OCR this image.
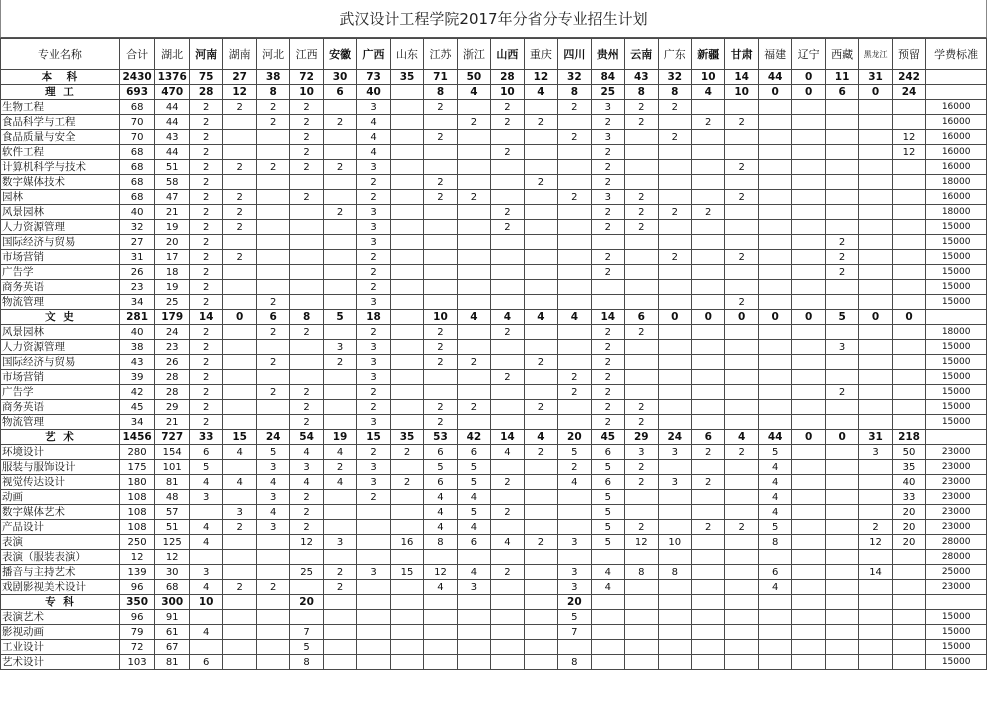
武汉设计工程学院2017年分省分专业招生计划
专业名称	合计	湖北	河南	湖南	河北	江西	安徽	广西	山东	江苏	浙江	山西	重庆	四川	贵州	云南	广东	新疆	甘肃	福建	辽宁	西藏	黑龙江	预留	学费标准
本　科	2430	1376	75	27	38	72	30	73	35	71	50	28	12	32	84	43	32	10	14	44	0	11	31	242	
理 工	693	470	28	12	8	10	6	40		8	4	10	4	8	25	8	8	4	10	0	0	6	0	24	
生物工程	68	44	2	2	2	2		3		2		2		2	3	2	2								16000
食品科学与工程	70	44	2		2	2	2	4			2	2	2		2	2		2	2						16000
食品质量与安全	70	43	2			2		4		2				2	3		2							12	16000
软件工程	68	44	2			2		4				2			2									12	16000
计算机科学与技术	68	51	2	2	2	2	2	3							2				2						16000
数字媒体技术	68	58	2					2		2			2		2										18000
园林	68	47	2	2		2		2		2	2			2	3	2			2						16000
风景园林	40	21	2	2			2	3				2			2	2	2	2							18000
人力资源管理	32	19	2	2				3				2			2	2									15000
国际经济与贸易	27	20	2					3														2			15000
市场营销	31	17	2	2				2							2		2		2			2			15000
广告学	26	18	2					2							2							2			15000
商务英语	23	19	2					2																	15000
物流管理	34	25	2		2			3											2						15000
文 史	281	179	14	0	6	8	5	18		10	4	4	4	4	14	6	0	0	0	0	0	5	0	0	
风景园林	40	24	2		2	2		2		2		2			2	2									18000
人力资源管理	38	23	2				3	3		2					2							3			15000
国际经济与贸易	43	26	2		2		2	3		2	2		2		2										15000
市场营销	39	28	2					3				2		2	2										15000
广告学	42	28	2		2	2		2						2	2							2			15000
商务英语	45	29	2			2		2		2	2		2		2	2									15000
物流管理	34	21	2			2		3		2					2	2									15000
艺 术	1456	727	33	15	24	54	19	15	35	53	42	14	4	20	45	29	24	6	4	44	0	0	31	218	
环境设计	280	154	6	4	5	4	4	2	2	6	6	4	2	5	6	3	3	2	2	5			3	50	23000
服装与服饰设计	175	101	5		3	3	2	3		5	5			2	5	2				4				35	23000
视觉传达设计	180	81	4	4	4	4	4	3	2	6	5	2		4	6	2	3	2		4				40	23000
动画	108	48	3		3	2		2		4	4				5					4				33	23000
数字媒体艺术	108	57		3	4	2				4	5	2			5					4				20	23000
产品设计	108	51	4	2	3	2				4	4				5	2		2	2	5			2	20	23000
表演	250	125	4			12	3		16	8	6	4	2	3	5	12	10			8			12	20	28000
表演（服装表演）	12	12																							28000
播音与主持艺术	139	30	3			25	2	3	15	12	4	2		3	4	8	8			6			14		25000
戏剧影视美术设计	96	68	4	2	2		2			4	3			3	4					4					23000
专 科	350	300	10			20								20											
表演艺术	96	91												5											15000
影视动画	79	61	4			7								7											15000
工业设计	72	67				5																			15000
艺术设计	103	81	6			8								8											15000
